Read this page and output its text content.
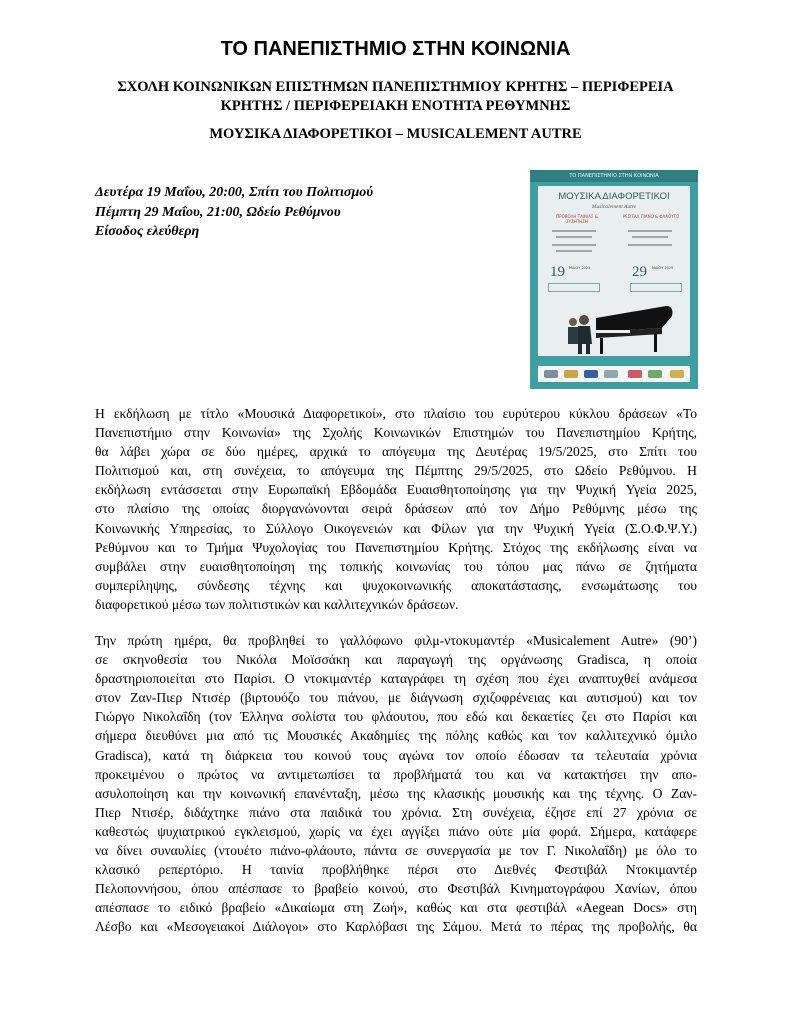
ΤΟ ΠΑΝΕΠΙΣΤΗΜΙΟ ΣΤΗΝ ΚΟΙΝΩΝΙΑ
ΣΧΟΛΗ ΚΟΙΝΩΝΙΚΩΝ ΕΠΙΣΤΗΜΩΝ ΠΑΝΕΠΙΣΤΗΜΙΟΥ ΚΡΗΤΗΣ – ΠΕΡΙΦΕΡΕΙΑ
ΚΡΗΤΗΣ / ΠΕΡΙΦΕΡΕΙΑΚΗ ΕΝΟΤΗΤΑ ΡΕΘΥΜΝΗΣ
ΜΟΥΣΙΚΑ ΔΙΑΦΟΡΕΤΙΚΟΙ – MUSICALEMENT AUTRE
Δευτέρα 19 Μαΐου, 20:00, Σπίτι του Πολιτισμού
Πέμπτη 29 Μαΐου, 21:00, Ωδείο Ρεθύμνου
Είσοδος ελεύθερη
ΤΟ ΠΑΝΕΠΙΣΤΗΜΙΟ ΣΤΗΝ ΚΟΙΝΩΝΙΑ
ΜΟΥΣΙΚΑ ΔΙΑΦΟΡΕΤΙΚΟΙ
Musicalement Autre
ΠΡΟΒΟΛΗ ΤΑΙΝΙΑΣ & ΣΥΖΗΤΗΣΗ
ΡΕΣΙΤΑΛ ΠΙΑΝΟ & ΦΛΑΟΥΤΟ
19 ΜΑΪΟΥ 2025	29 ΜΑΪΟΥ 2025
Η εκδήλωση με τίτλο «Μουσικά Διαφορετικοί», στο πλαίσιο του ευρύτερου κύκλου δράσεων «Το
Πανεπιστήμιο στην Κοινωνία» της Σχολής Κοινωνικών Επιστημών του Πανεπιστημίου Κρήτης,
θα λάβει χώρα σε δύο ημέρες, αρχικά το απόγευμα της Δευτέρας 19/5/2025, στο Σπίτι του
Πολιτισμού και, στη συνέχεια, το απόγευμα της Πέμπτης 29/5/2025, στο Ωδείο Ρεθύμνου. Η
εκδήλωση εντάσσεται στην Ευρωπαϊκή Εβδομάδα Ευαισθητοποίησης για την Ψυχική Υγεία 2025,
στο πλαίσιο της οποίας διοργανώνονται σειρά δράσεων από τον Δήμο Ρεθύμνης μέσω της
Κοινωνικής Υπηρεσίας, το Σύλλογο Οικογενειών και Φίλων για την Ψυχική Υγεία (Σ.Ο.Φ.Ψ.Υ.)
Ρεθύμνου και το Τμήμα Ψυχολογίας του Πανεπιστημίου Κρήτης. Στόχος της εκδήλωσης είναι να
συμβάλει στην ευαισθητοποίηση της τοπικής κοινωνίας του τόπου μας πάνω σε ζητήματα
συμπερίληψης, σύνδεσης τέχνης και ψυχοκοινωνικής αποκατάστασης, ενσωμάτωσης του
διαφορετικού μέσω των πολιτιστικών και καλλιτεχνικών δράσεων.
Την πρώτη ημέρα, θα προβληθεί το γαλλόφωνο φιλμ-ντοκυμαντέρ «Musicalement Autre» (90’)
σε σκηνοθεσία του Νικόλα Μοϊσσάκη και παραγωγή της οργάνωσης Gradisca, η οποία
δραστηριοποιείται στο Παρίσι. Ο ντοκιμαντέρ καταγράφει τη σχέση που έχει αναπτυχθεί ανάμεσα
στον Ζαν-Πιερ Ντισέρ (βιρτουόζο του πιάνου, με διάγνωση σχιζοφρένειας και αυτισμού) και τον
Γιώργο Νικολαΐδη (τον Έλληνα σολίστα του φλάουτου, που εδώ και δεκαετίες ζει στο Παρίσι και
σήμερα διευθύνει μια από τις Μουσικές Ακαδημίες της πόλης καθώς και τον καλλιτεχνικό όμιλο
Gradisca), κατά τη διάρκεια του κοινού τους αγώνα τον οποίο έδωσαν τα τελευταία χρόνια
προκειμένου ο πρώτος να αντιμετωπίσει τα προβλήματά του και να κατακτήσει την απο-
ασυλοποίηση και την κοινωνική επανένταξη, μέσω της κλασικής μουσικής και της τέχνης. Ο Ζαν-
Πιερ Ντισέρ, διδάχτηκε πιάνο στα παιδικά του χρόνια. Στη συνέχεια, έζησε επί 27 χρόνια σε
καθεστώς ψυχιατρικού εγκλεισμού, χωρίς να έχει αγγίξει πιάνο ούτε μία φορά. Σήμερα, κατάφερε
να δίνει συναυλίες (ντουέτο πιάνο-φλάουτο, πάντα σε συνεργασία με τον Γ. Νικολαΐδη) με όλο το
κλασικό ρεπερτόριο. Η ταινία προβλήθηκε πέρσι στο Διεθνές Φεστιβάλ Ντοκιμαντέρ
Πελοποννήσου, όπου απέσπασε το βραβείο κοινού, στο Φεστιβάλ Κινηματογράφου Χανίων, όπου
απέσπασε το ειδικό βραβείο «Δικαίωμα στη Ζωή», καθώς και στα φεστιβάλ «Aegean Docs» στη
Λέσβο και «Μεσογειακοί Διάλογοι» στο Καρλόβασι της Σάμου. Μετά το πέρας της προβολής, θα
